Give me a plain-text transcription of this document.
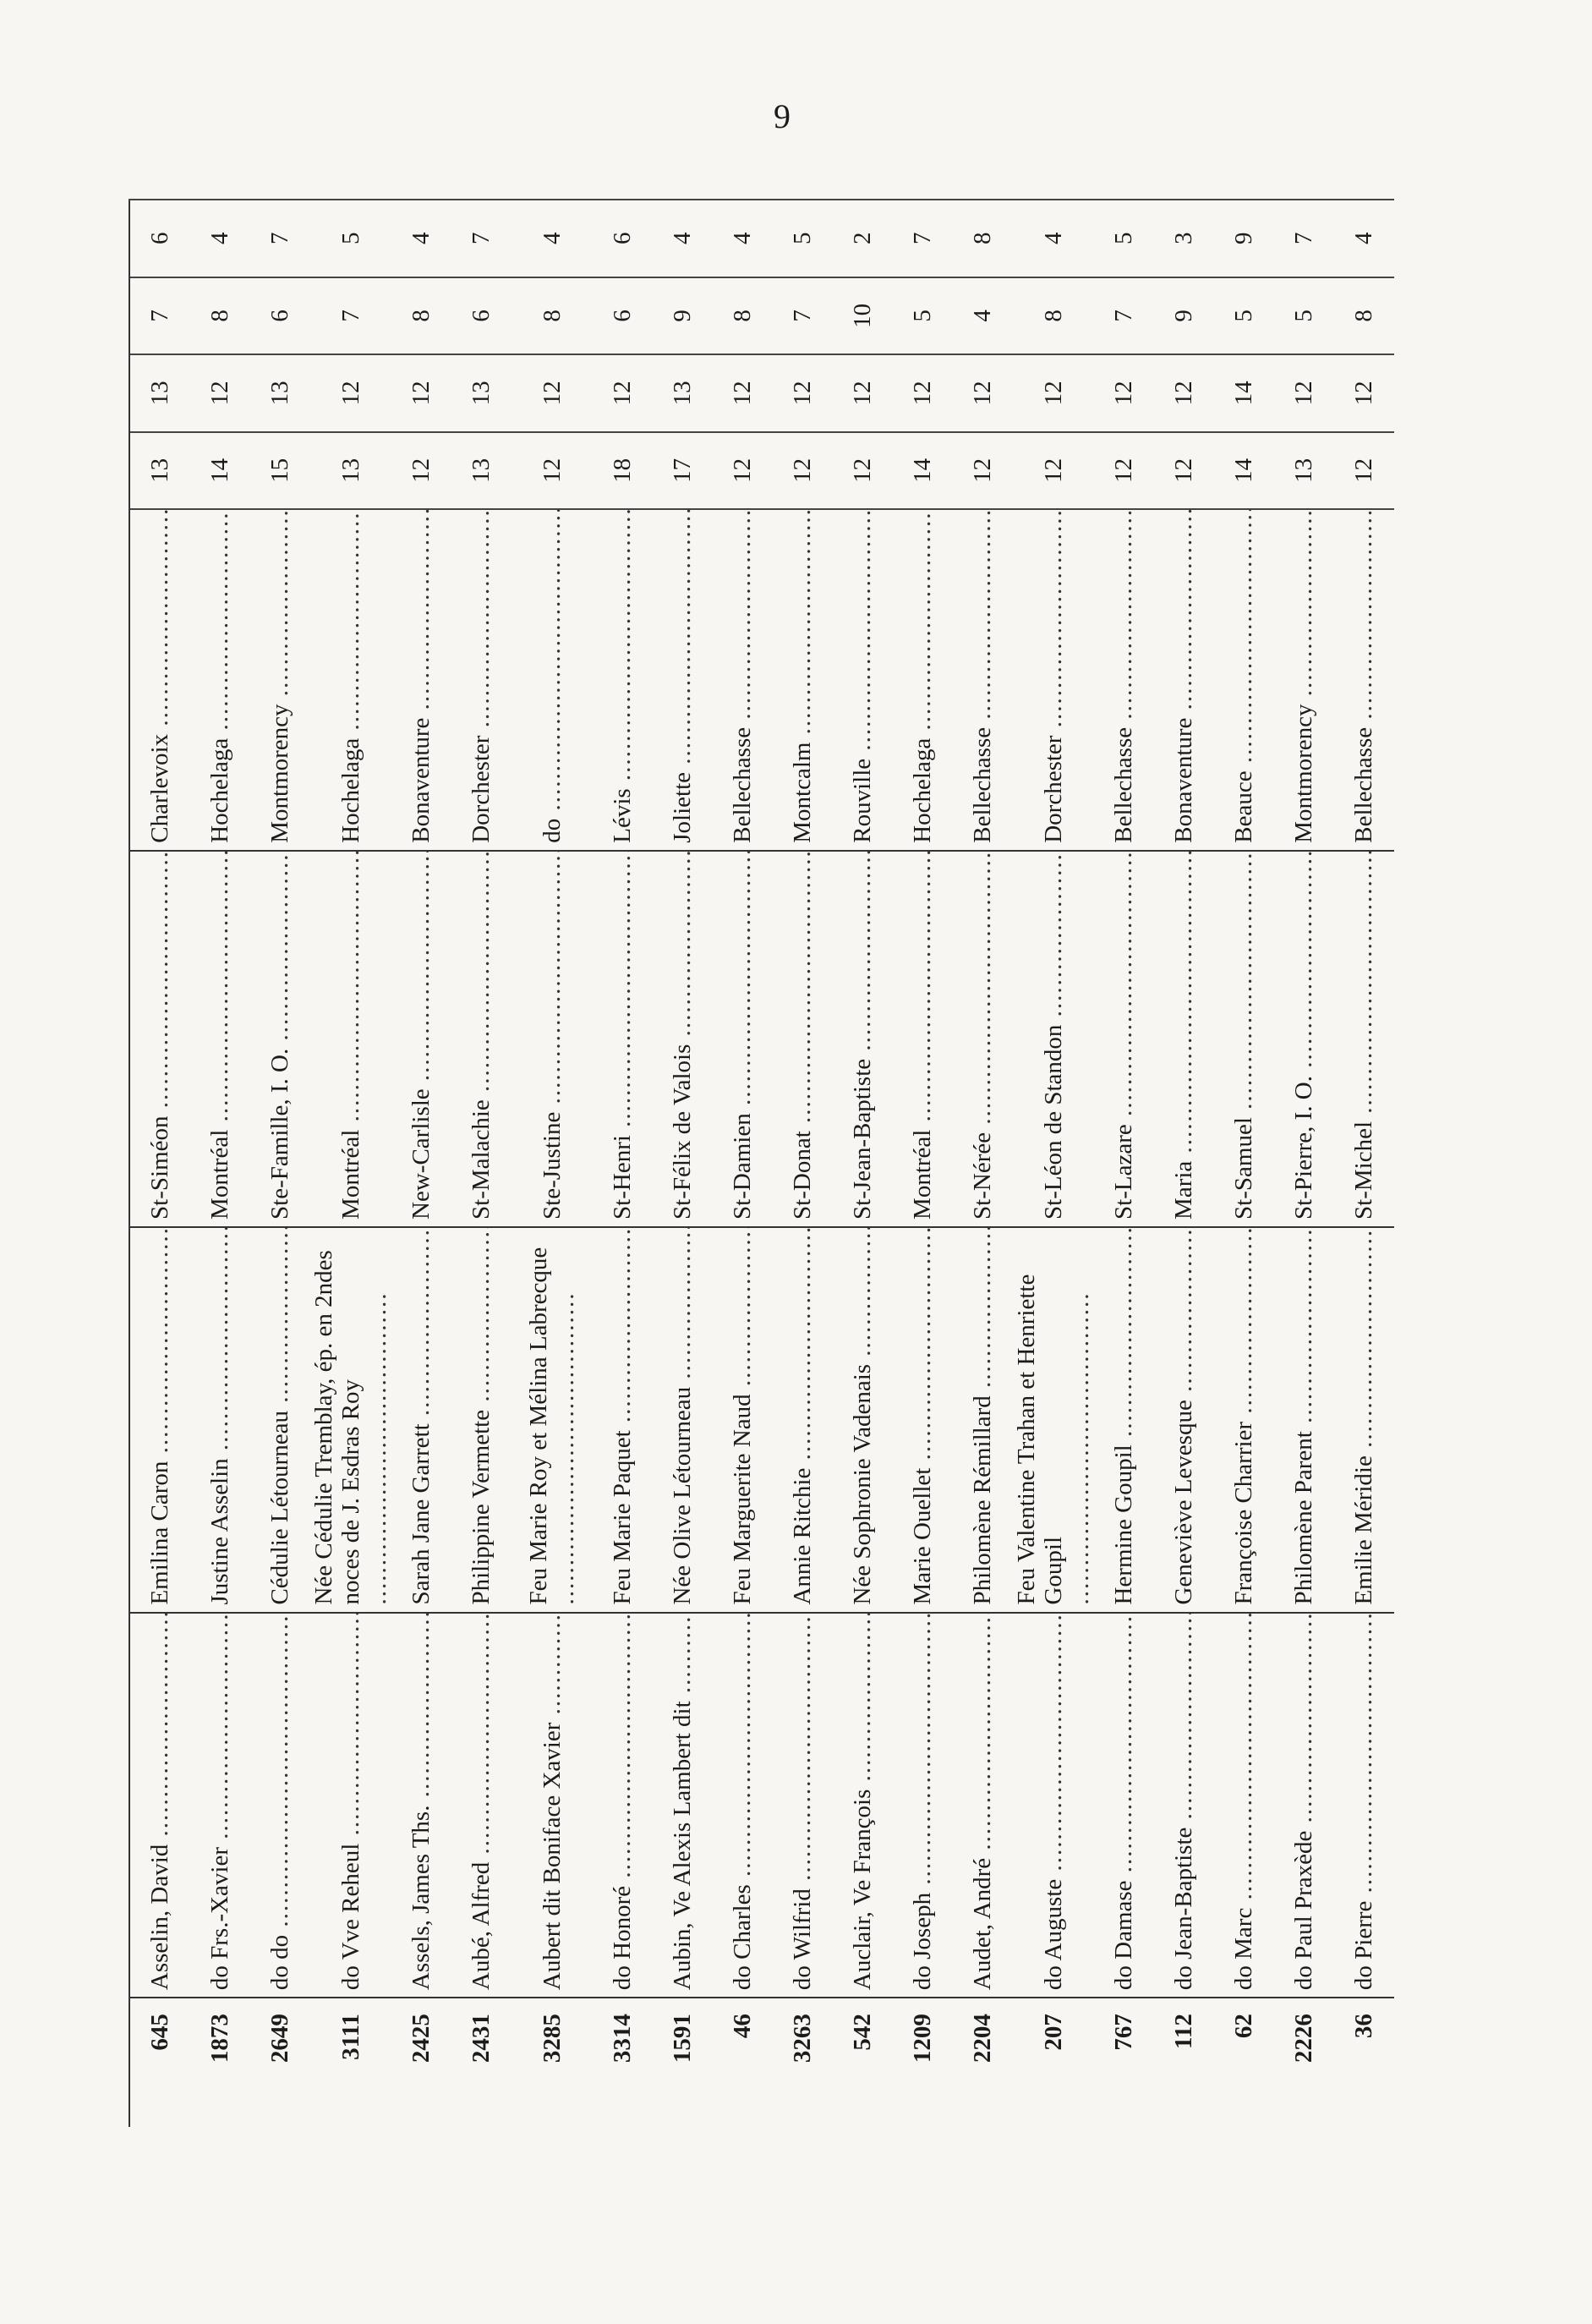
9
645	Asselin, David .....	Emilina Caron .....	St-Siméon .....	Charlevoix .....	13	13	7	6
1873	do Frs.-Xavier .....	Justine Asselin .....	Montréal .....	Hochelaga .....	14	12	8	4
2649	do do .....	Cédulie Létourneau .....	Ste-Famille, I. O. .....	Montmorency .....	15	13	6	7
3111	do Vve Reheul .....	Née Cédulie Tremblay, ép. en 2ndes noces de J. Esdras Roy .....	Montréal .....	Hochelaga .....	13	12	7	5
2425	Assels, James Ths. .....	Sarah Jane Garrett .....	New-Carlisle .....	Bonaventure .....	12	12	8	4
2431	Aubé, Alfred .....	Philippine Vermette .....	St-Malachie .....	Dorchester .....	13	13	6	7
3285	Aubert dit Boniface Xavier .....	Feu Marie Roy et Mélina Labrecque .....	Ste-Justine .....	do .....	12	12	8	4
3314	do Honoré .....	Feu Marie Paquet .....	St-Henri .....	Lévis .....	18	12	6	6
1591	Aubin, Ve Alexis Lambert dit .....	Née Olive Létourneau .....	St-Félix de Valois .....	Joliette .....	17	13	9	4
46	do Charles .....	Feu Marguerite Naud .....	St-Damien .....	Bellechasse .....	12	12	8	4
3263	do Wilfrid .....	Annie Ritchie .....	St-Donat .....	Montcalm .....	12	12	7	5
542	Auclair, Ve François .....	Née Sophronie Vadenais .....	St-Jean-Baptiste .....	Rouville .....	12	12	10	2
1209	do Joseph .....	Marie Ouellet .....	Montréal .....	Hochelaga .....	14	12	5	7
2204	Audet, André .....	Philomène Rémillard .....	St-Nérée .....	Bellechasse .....	12	12	4	8
207	do Auguste .....	Feu Valentine Trahan et Henriette Goupil .....	St-Léon de Standon .....	Dorchester .....	12	12	8	4
767	do Damase .....	Hermine Goupil .....	St-Lazare .....	Bellechasse .....	12	12	7	5
112	do Jean-Baptiste .....	Geneviève Levesque .....	Maria .....	Bonaventure .....	12	12	9	3
62	do Marc .....	Françoise Charrier .....	St-Samuel .....	Beauce .....	14	14	5	9
2226	do Paul Praxède .....	Philomène Parent .....	St-Pierre, I. O. .....	Montmorency .....	13	12	5	7
36	do Pierre .....	Emilie Méridie .....	St-Michel .....	Bellechasse .....	12	12	8	4
